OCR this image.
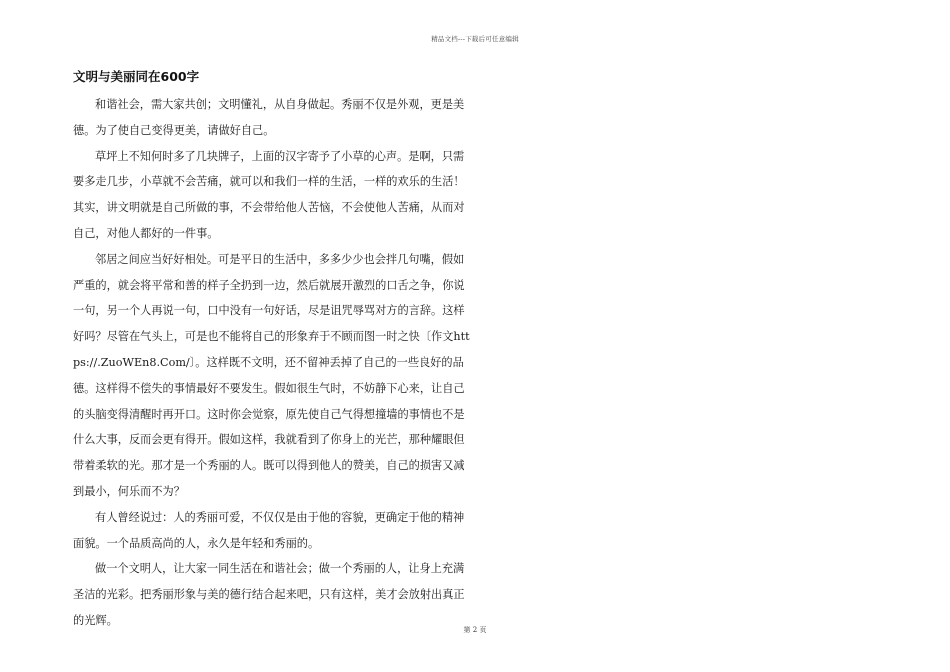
精品文档---下载后可任意编辑
文明与美丽同在600字

和谐社会，需大家共创；文明懂礼，从自身做起。秀丽不仅是外观，更是美德。为了使自己变得更美，请做好自己。

草坪上不知何时多了几块牌子，上面的汉字寄予了小草的心声。是啊，只需要多走几步，小草就不会苦痛，就可以和我们一样的生活，一样的欢乐的生活！其实，讲文明就是自己所做的事，不会带给他人苦恼，不会使他人苦痛，从而对自己，对他人都好的一件事。

邻居之间应当好好相处。可是平日的生活中，多多少少也会拌几句嘴，假如严重的，就会将平常和善的样子全扔到一边，然后就展开激烈的口舌之争，你说一句，另一个人再说一句，口中没有一句好话，尽是诅咒辱骂对方的言辞。这样好吗？尽管在气头上，可是也不能将自己的形象弃于不顾而图一时之快〔作文https://.ZuoWEn8.Com/〕。这样既不文明，还不留神丢掉了自己的一些良好的品德。这样得不偿失的事情最好不要发生。假如很生气时，不妨静下心来，让自己的头脑变得清醒时再开口。这时你会觉察，原先使自己气得想撞墙的事情也不是什么大事，反而会更有得开。假如这样，我就看到了你身上的光芒，那种耀眼但带着柔软的光。那才是一个秀丽的人。既可以得到他人的赞美，自己的损害又减到最小，何乐而不为？

有人曾经说过：人的秀丽可爱，不仅仅是由于他的容貌，更确定于他的精神面貌。一个品质高尚的人，永久是年轻和秀丽的。

做一个文明人，让大家一同生活在和谐社会；做一个秀丽的人，让身上充满圣洁的光彩。把秀丽形象与美的德行结合起来吧，只有这样，美才会放射出真正的光辉。

第 2 页
